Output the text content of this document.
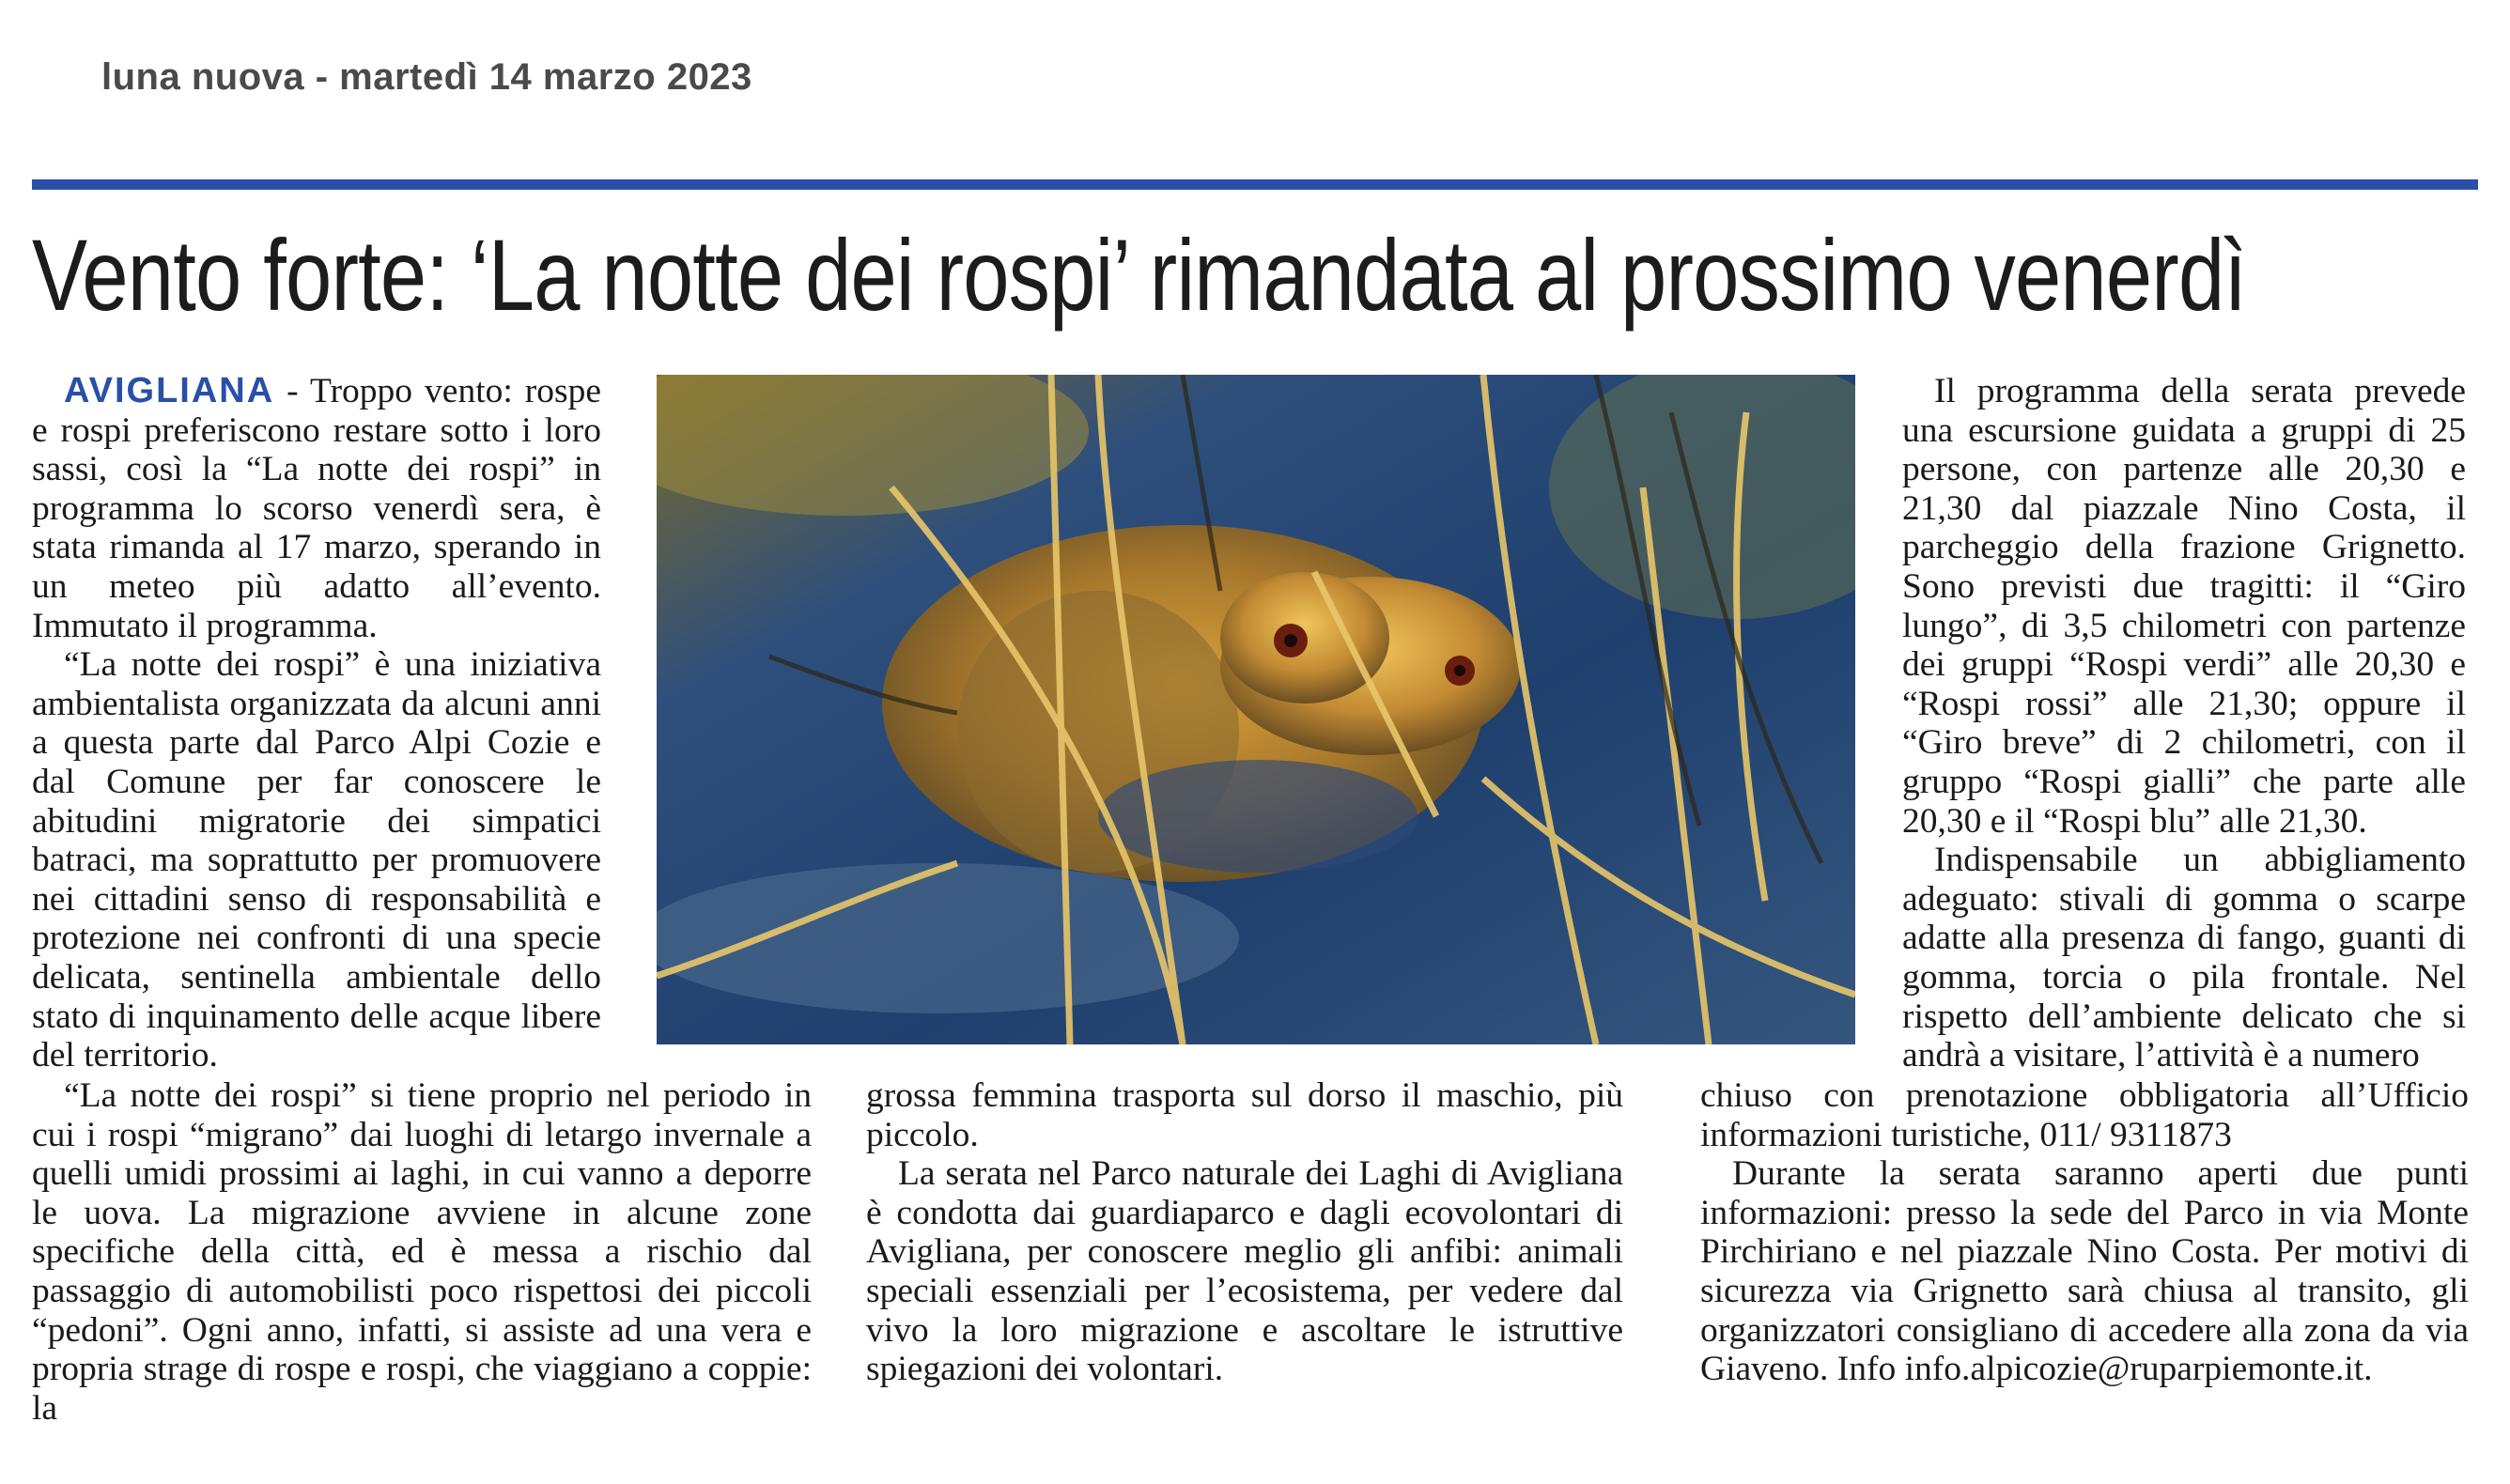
luna nuova - martedì 14 marzo 2023
Vento forte: ‘La notte dei rospi’ rimandata al prossimo venerdì

AVIGLIANA - Troppo vento: rospe e rospi preferiscono restare sotto i loro sassi, così la “La notte dei rospi” in programma lo scorso venerdì sera, è stata rimanda al 17 marzo, sperando in un meteo più adatto all’evento. Immutato il programma.

“La notte dei rospi” è una iniziativa ambientalista organizzata da alcuni anni a questa parte dal Parco Alpi Cozie e dal Comune per far conoscere le abitudini migratorie dei simpatici batraci, ma soprattutto per promuovere nei cittadini senso di responsabilità e protezione nei confronti di una specie delicata, sentinella ambientale dello stato di inquinamento delle acque libere del territorio.

Il programma della serata prevede una escursione guidata a gruppi di 25 persone, con partenze alle 20,30 e 21,30 dal piazzale Nino Costa, il parcheggio della frazione Grignetto. Sono previsti due tragitti: il “Giro lungo”, di 3,5 chilometri con partenze dei gruppi “Rospi verdi” alle 20,30 e “Rospi rossi” alle 21,30; oppure il “Giro breve” di 2 chilometri, con il gruppo “Rospi gialli” che parte alle 20,30 e il “Rospi blu” alle 21,30.

Indispensabile un abbigliamento adeguato: stivali di gomma o scarpe adatte alla presenza di fango, guanti di gomma, torcia o pila frontale. Nel rispetto dell’ambiente delicato che si andrà a visitare, l’attività è a numero

“La notte dei rospi” si tiene proprio nel periodo in cui i rospi “migrano” dai luoghi di letargo invernale a quelli umidi prossimi ai laghi, in cui vanno a deporre le uova. La migrazione avviene in alcune zone specifiche della città, ed è messa a rischio dal passaggio di automobilisti poco rispettosi dei piccoli “pedoni”. Ogni anno, infatti, si assiste ad una vera e propria strage di rospe e rospi, che viaggiano a coppie: la

grossa femmina trasporta sul dorso il maschio, più piccolo.

La serata nel Parco naturale dei Laghi di Avigliana è condotta dai guardiaparco e dagli ecovolontari di Avigliana, per conoscere meglio gli anfibi: animali speciali essenziali per l’ecosistema, per vedere dal vivo la loro migrazione e ascoltare le istruttive spiegazioni dei volontari.

chiuso con prenotazione obbligatoria all’Ufficio informazioni turistiche, 011/ 9311873

Durante la serata saranno aperti due punti informazioni: presso la sede del Parco in via Monte Pirchiriano e nel piazzale Nino Costa. Per motivi di sicurezza via Grignetto sarà chiusa al transito, gli organizzatori consigliano di accedere alla zona da via Giaveno. Info info.alpicozie@ruparpiemonte.it.
